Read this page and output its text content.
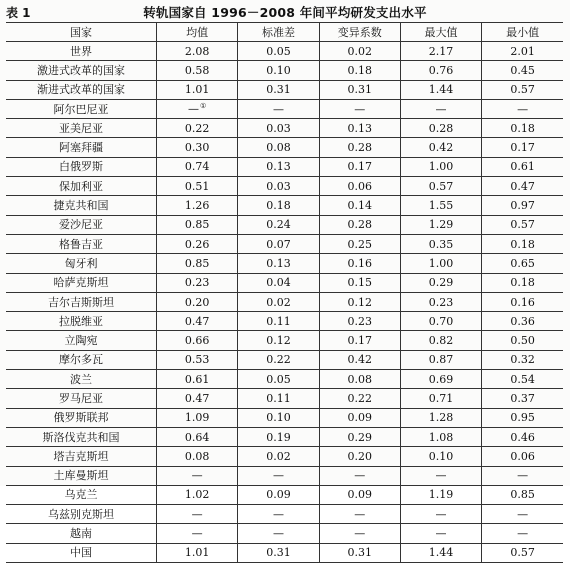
表 1	转轨国家自 1996－2008 年间平均研发支出水平
国家	均值	标准差	变异系数	最大值	最小值
世界	2.08	0.05	0.02	2.17	2.01
激进式改革的国家	0.58	0.10	0.18	0.76	0.45
渐进式改革的国家	1.01	0.31	0.31	1.44	0.57
阿尔巴尼亚	—①	—	—	—	—
亚美尼亚	0.22	0.03	0.13	0.28	0.18
阿塞拜疆	0.30	0.08	0.28	0.42	0.17
白俄罗斯	0.74	0.13	0.17	1.00	0.61
保加利亚	0.51	0.03	0.06	0.57	0.47
捷克共和国	1.26	0.18	0.14	1.55	0.97
爱沙尼亚	0.85	0.24	0.28	1.29	0.57
格鲁吉亚	0.26	0.07	0.25	0.35	0.18
匈牙利	0.85	0.13	0.16	1.00	0.65
哈萨克斯坦	0.23	0.04	0.15	0.29	0.18
吉尔吉斯斯坦	0.20	0.02	0.12	0.23	0.16
拉脱维亚	0.47	0.11	0.23	0.70	0.36
立陶宛	0.66	0.12	0.17	0.82	0.50
摩尔多瓦	0.53	0.22	0.42	0.87	0.32
波兰	0.61	0.05	0.08	0.69	0.54
罗马尼亚	0.47	0.11	0.22	0.71	0.37
俄罗斯联邦	1.09	0.10	0.09	1.28	0.95
斯洛伐克共和国	0.64	0.19	0.29	1.08	0.46
塔吉克斯坦	0.08	0.02	0.20	0.10	0.06
土库曼斯坦	—	—	—	—	—
乌克兰	1.02	0.09	0.09	1.19	0.85
乌兹别克斯坦	—	—	—	—	—
越南	—	—	—	—	—
中国	1.01	0.31	0.31	1.44	0.57
